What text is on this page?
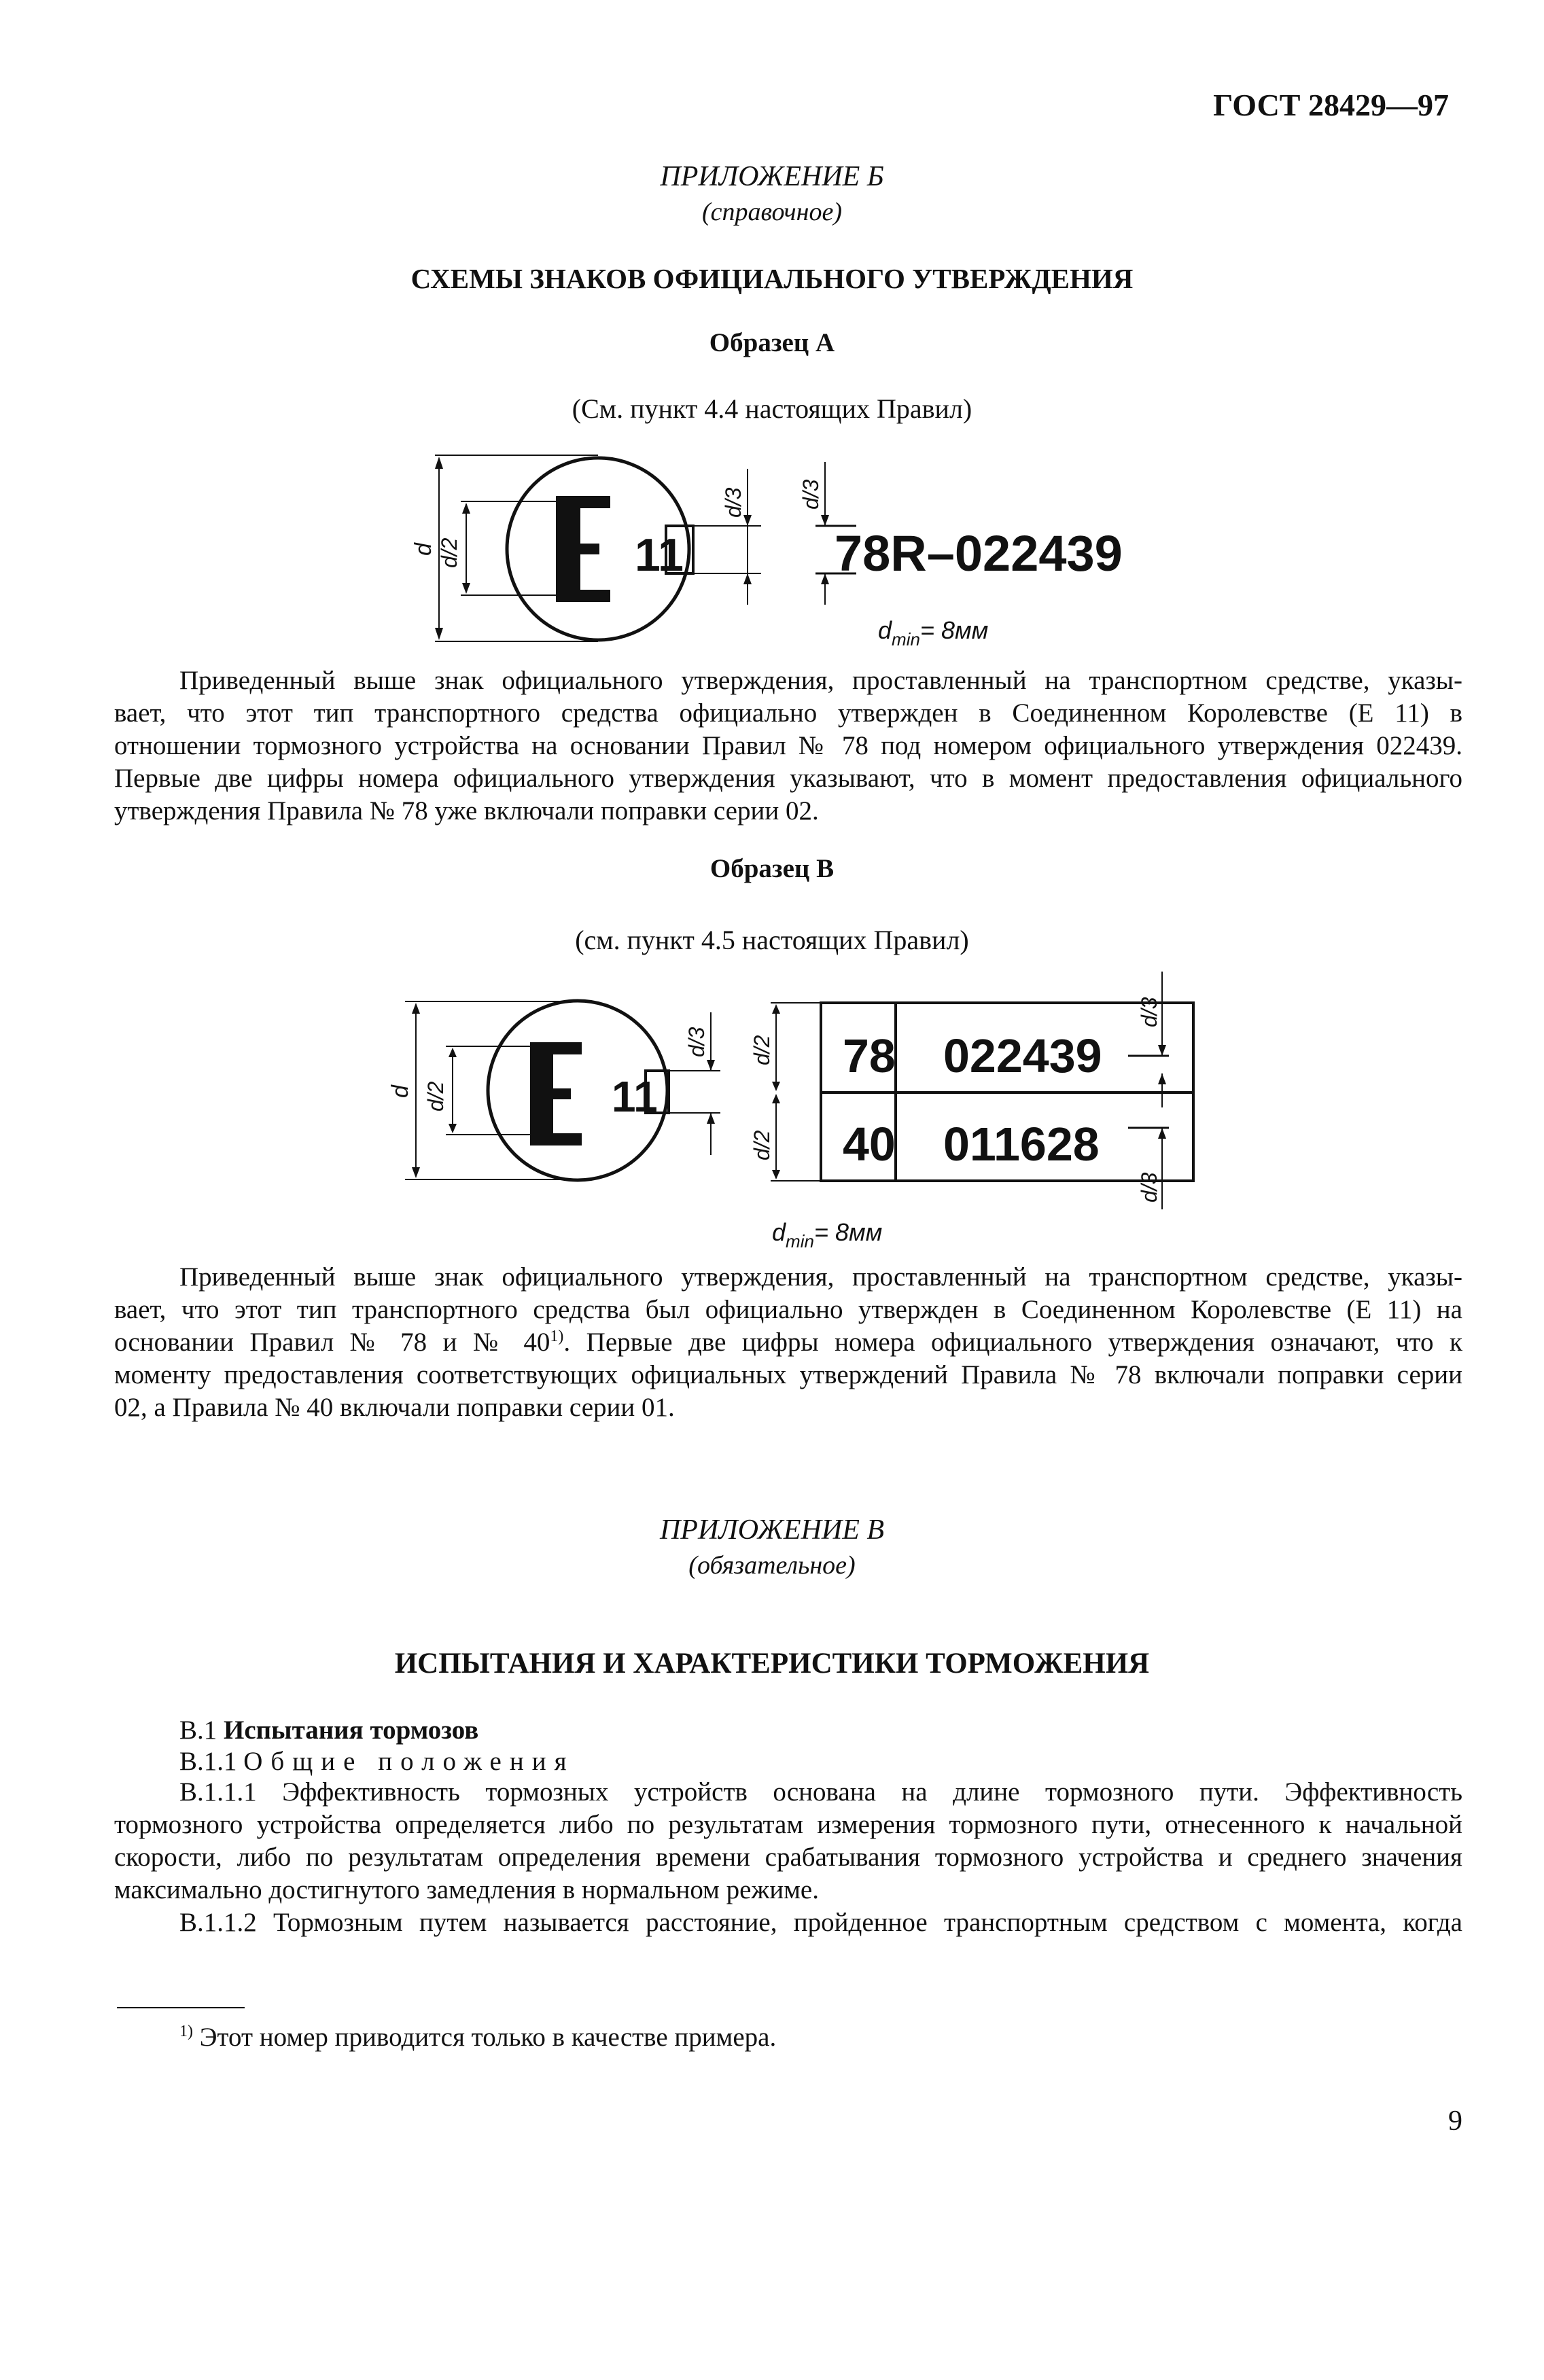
ГОСТ 28429—97
ПРИЛОЖЕНИЕ Б
(справочное)
СХЕМЫ ЗНАКОВ ОФИЦИАЛЬНОГО УТВЕРЖДЕНИЯ
Образец А
(См. пункт 4.4 настоящих Правил)
11	78R–022439
d d/2
d/3 d/3
$d_{min}= 8мм$
Приведенный выше знак официального утверждения, проставленный на транспортном средстве, указы-
вает, что этот тип транспортного средства официально утвержден в Соединенном Королевстве (Е 11) в
отношении тормозного устройства на основании Правил № 78 под номером официального утверждения 022439.
Первые две цифры номера официального утверждения указывают, что в момент предоставления официального
утверждения Правила № 78 уже включали поправки серии 02.
Образец В
(см. пункт 4.5 настоящих Правил)
11
78 022439
40 011628
d d/2
d/3 d/2
d/2
d/3
d/3
$d_{min}= 8мм$
Приведенный выше знак официального утверждения, проставленный на транспортном средстве, указы-
вает, что этот тип транспортного средства был официально утвержден в Соединенном Королевстве (Е 11) на
основании Правил № 78 и № 40$^{1)}$. Первые две цифры номера официального утверждения означают, что к
моменту предоставления соответствующих официальных утверждений Правила № 78 включали поправки серии
02, а Правила № 40 включали поправки серии 01.
ПРИЛОЖЕНИЕ В
(обязательное)
ИСПЫТАНИЯ И ХАРАКТЕРИСТИКИ ТОРМОЖЕНИЯ
В.1 Испытания тормозов
В.1.1 Общие положения
В.1.1.1 Эффективность тормозных устройств основана на длине тормозного пути. Эффективность
тормозного устройства определяется либо по результатам измерения тормозного пути, отнесенного к начальной
скорости, либо по результатам определения времени срабатывания тормозного устройства и среднего значения
максимально достигнутого замедления в нормальном режиме.
В.1.1.2 Тормозным путем называется расстояние, пройденное транспортным средством с момента, когда
$^{1)}$ Этот номер приводится только в качестве примера.
9
